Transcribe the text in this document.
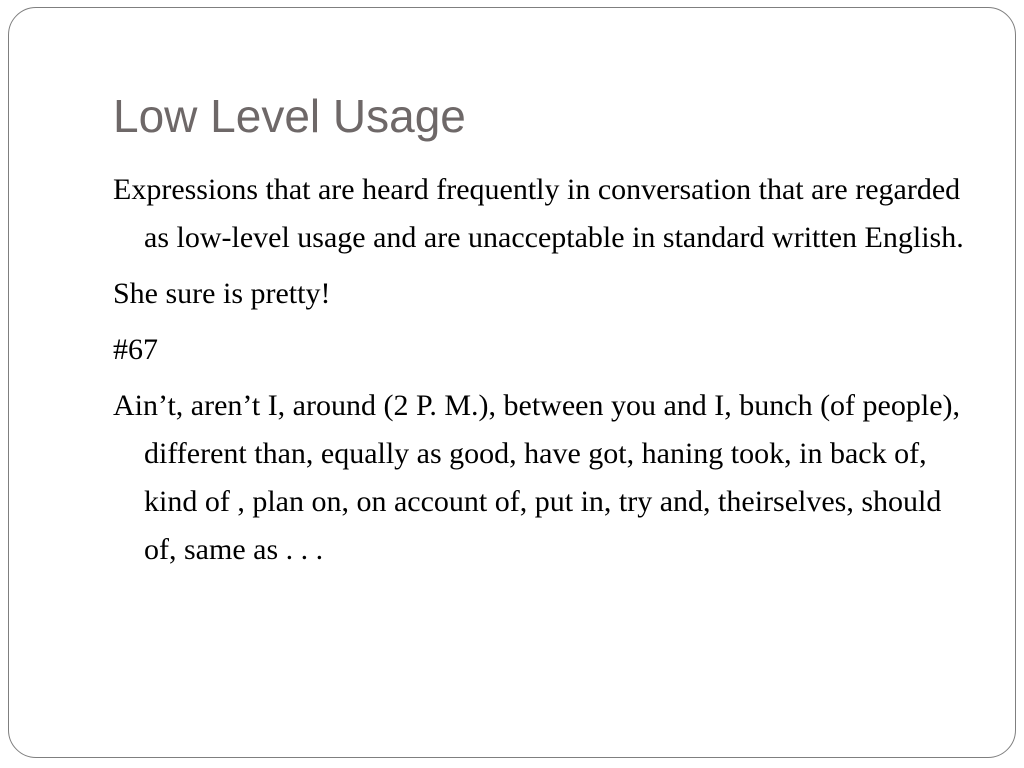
Low Level Usage

Expressions that are heard frequently in conversation that are regarded as low-level usage and are unacceptable in standard written English.

She sure is pretty!

#67

Ain’t, aren’t I, around (2 P. M.), between you and I, bunch (of people), different than, equally as good, have got, haning took, in back of, kind of , plan on, on account of, put in, try and, theirselves, should of, same as . . .
